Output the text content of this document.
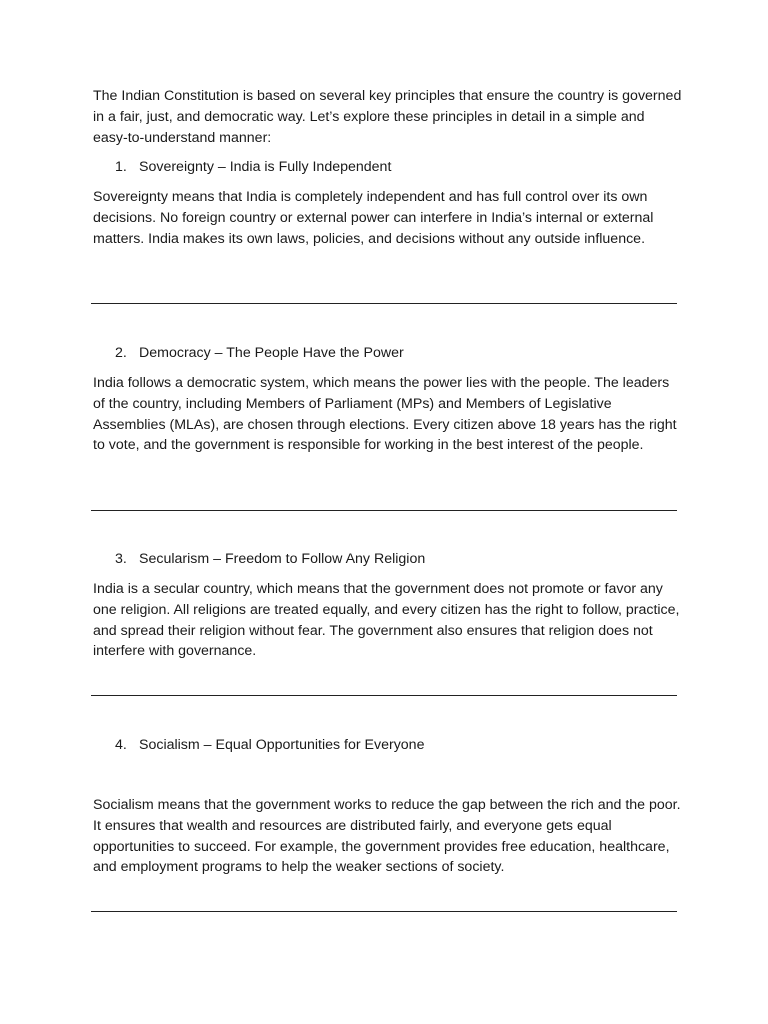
The Indian Constitution is based on several key principles that ensure the country is governed in a fair, just, and democratic way. Let’s explore these principles in detail in a simple and easy-to-understand manner:

1. Sovereignty – India is Fully Independent

Sovereignty means that India is completely independent and has full control over its own decisions. No foreign country or external power can interfere in India’s internal or external matters. India makes its own laws, policies, and decisions without any outside influence.

2. Democracy – The People Have the Power

India follows a democratic system, which means the power lies with the people. The leaders of the country, including Members of Parliament (MPs) and Members of Legislative Assemblies (MLAs), are chosen through elections. Every citizen above 18 years has the right to vote, and the government is responsible for working in the best interest of the people.

3. Secularism – Freedom to Follow Any Religion

India is a secular country, which means that the government does not promote or favor any one religion. All religions are treated equally, and every citizen has the right to follow, practice, and spread their religion without fear. The government also ensures that religion does not interfere with governance.

4. Socialism – Equal Opportunities for Everyone

Socialism means that the government works to reduce the gap between the rich and the poor. It ensures that wealth and resources are distributed fairly, and everyone gets equal opportunities to succeed. For example, the government provides free education, healthcare, and employment programs to help the weaker sections of society.
